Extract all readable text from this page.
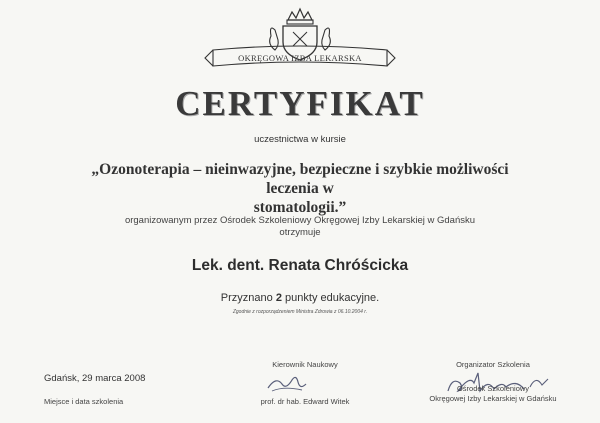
OKRĘGOWA IZBA LEKARSKA
CERTYFIKAT
uczestnictwa w kursie
„Ozonoterapia – nieinwazyjne, bezpieczne i szybkie możliwości leczenia w
stomatologii.”
organizowanym przez Ośrodek Szkoleniowy Okręgowej Izby Lekarskiej w Gdańsku
otrzymuje
Lek. dent. Renata Chróścicka
Przyznano 2 punkty edukacyjne.
Zgodnie z rozporządzeniem Ministra Zdrowia z 06.10.2004 r.
Gdańsk, 29 marca 2008
Miejsce i data szkolenia
Kierownik Naukowy
prof. dr hab. Edward Witek
Organizator Szkolenia
Ośrodek Szkoleniowy
Okręgowej Izby Lekarskiej w Gdańsku
